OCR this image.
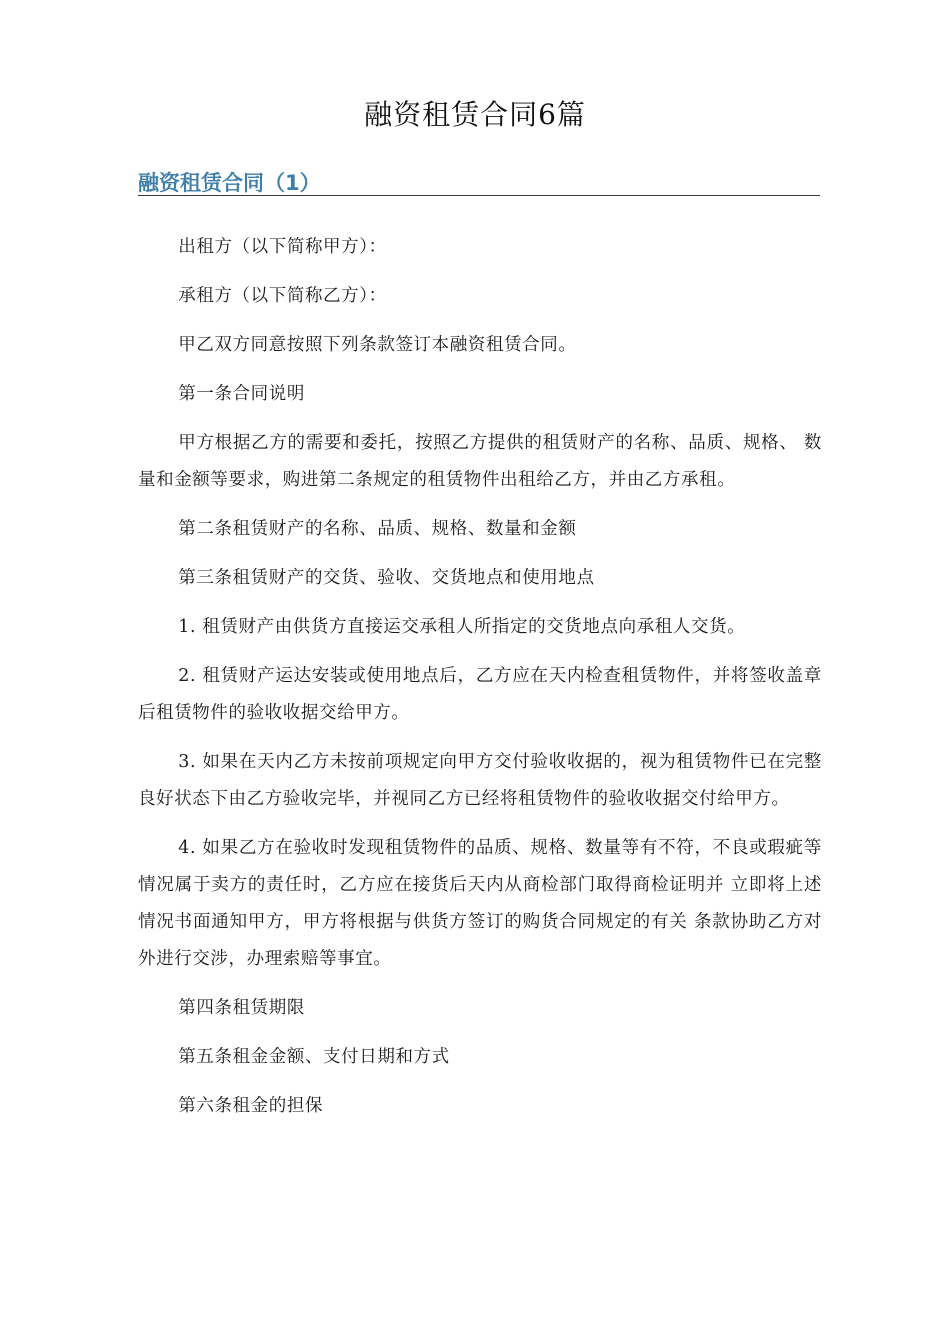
融资租赁合同6篇
融资租赁合同（1）

出租方（以下简称甲方）：

承租方（以下简称乙方）：

甲乙双方同意按照下列条款签订本融资租赁合同。

第一条合同说明

甲方根据乙方的需要和委托，按照乙方提供的租赁财产的名称、品质、规格、 数量和金额等要求，购进第二条规定的租赁物件出租给乙方，并由乙方承租。

第二条租赁财产的名称、品质、规格、数量和金额

第三条租赁财产的交货、验收、交货地点和使用地点

1. 租赁财产由供货方直接运交承租人所指定的交货地点向承租人交货。

2. 租赁财产运达安装或使用地点后，乙方应在天内检查租赁物件，并将签收盖章后租赁物件的验收收据交给甲方。

3. 如果在天内乙方未按前项规定向甲方交付验收收据的，视为租赁物件已在完整良好状态下由乙方验收完毕，并视同乙方已经将租赁物件的验收收据交付给甲方。

4. 如果乙方在验收时发现租赁物件的品质、规格、数量等有不符，不良或瑕疵等情况属于卖方的责任时，乙方应在接货后天内从商检部门取得商检证明并 立即将上述情况书面通知甲方，甲方将根据与供货方签订的购货合同规定的有关 条款协助乙方对外进行交涉，办理索赔等事宜。

第四条租赁期限

第五条租金金额、支付日期和方式

第六条租金的担保
